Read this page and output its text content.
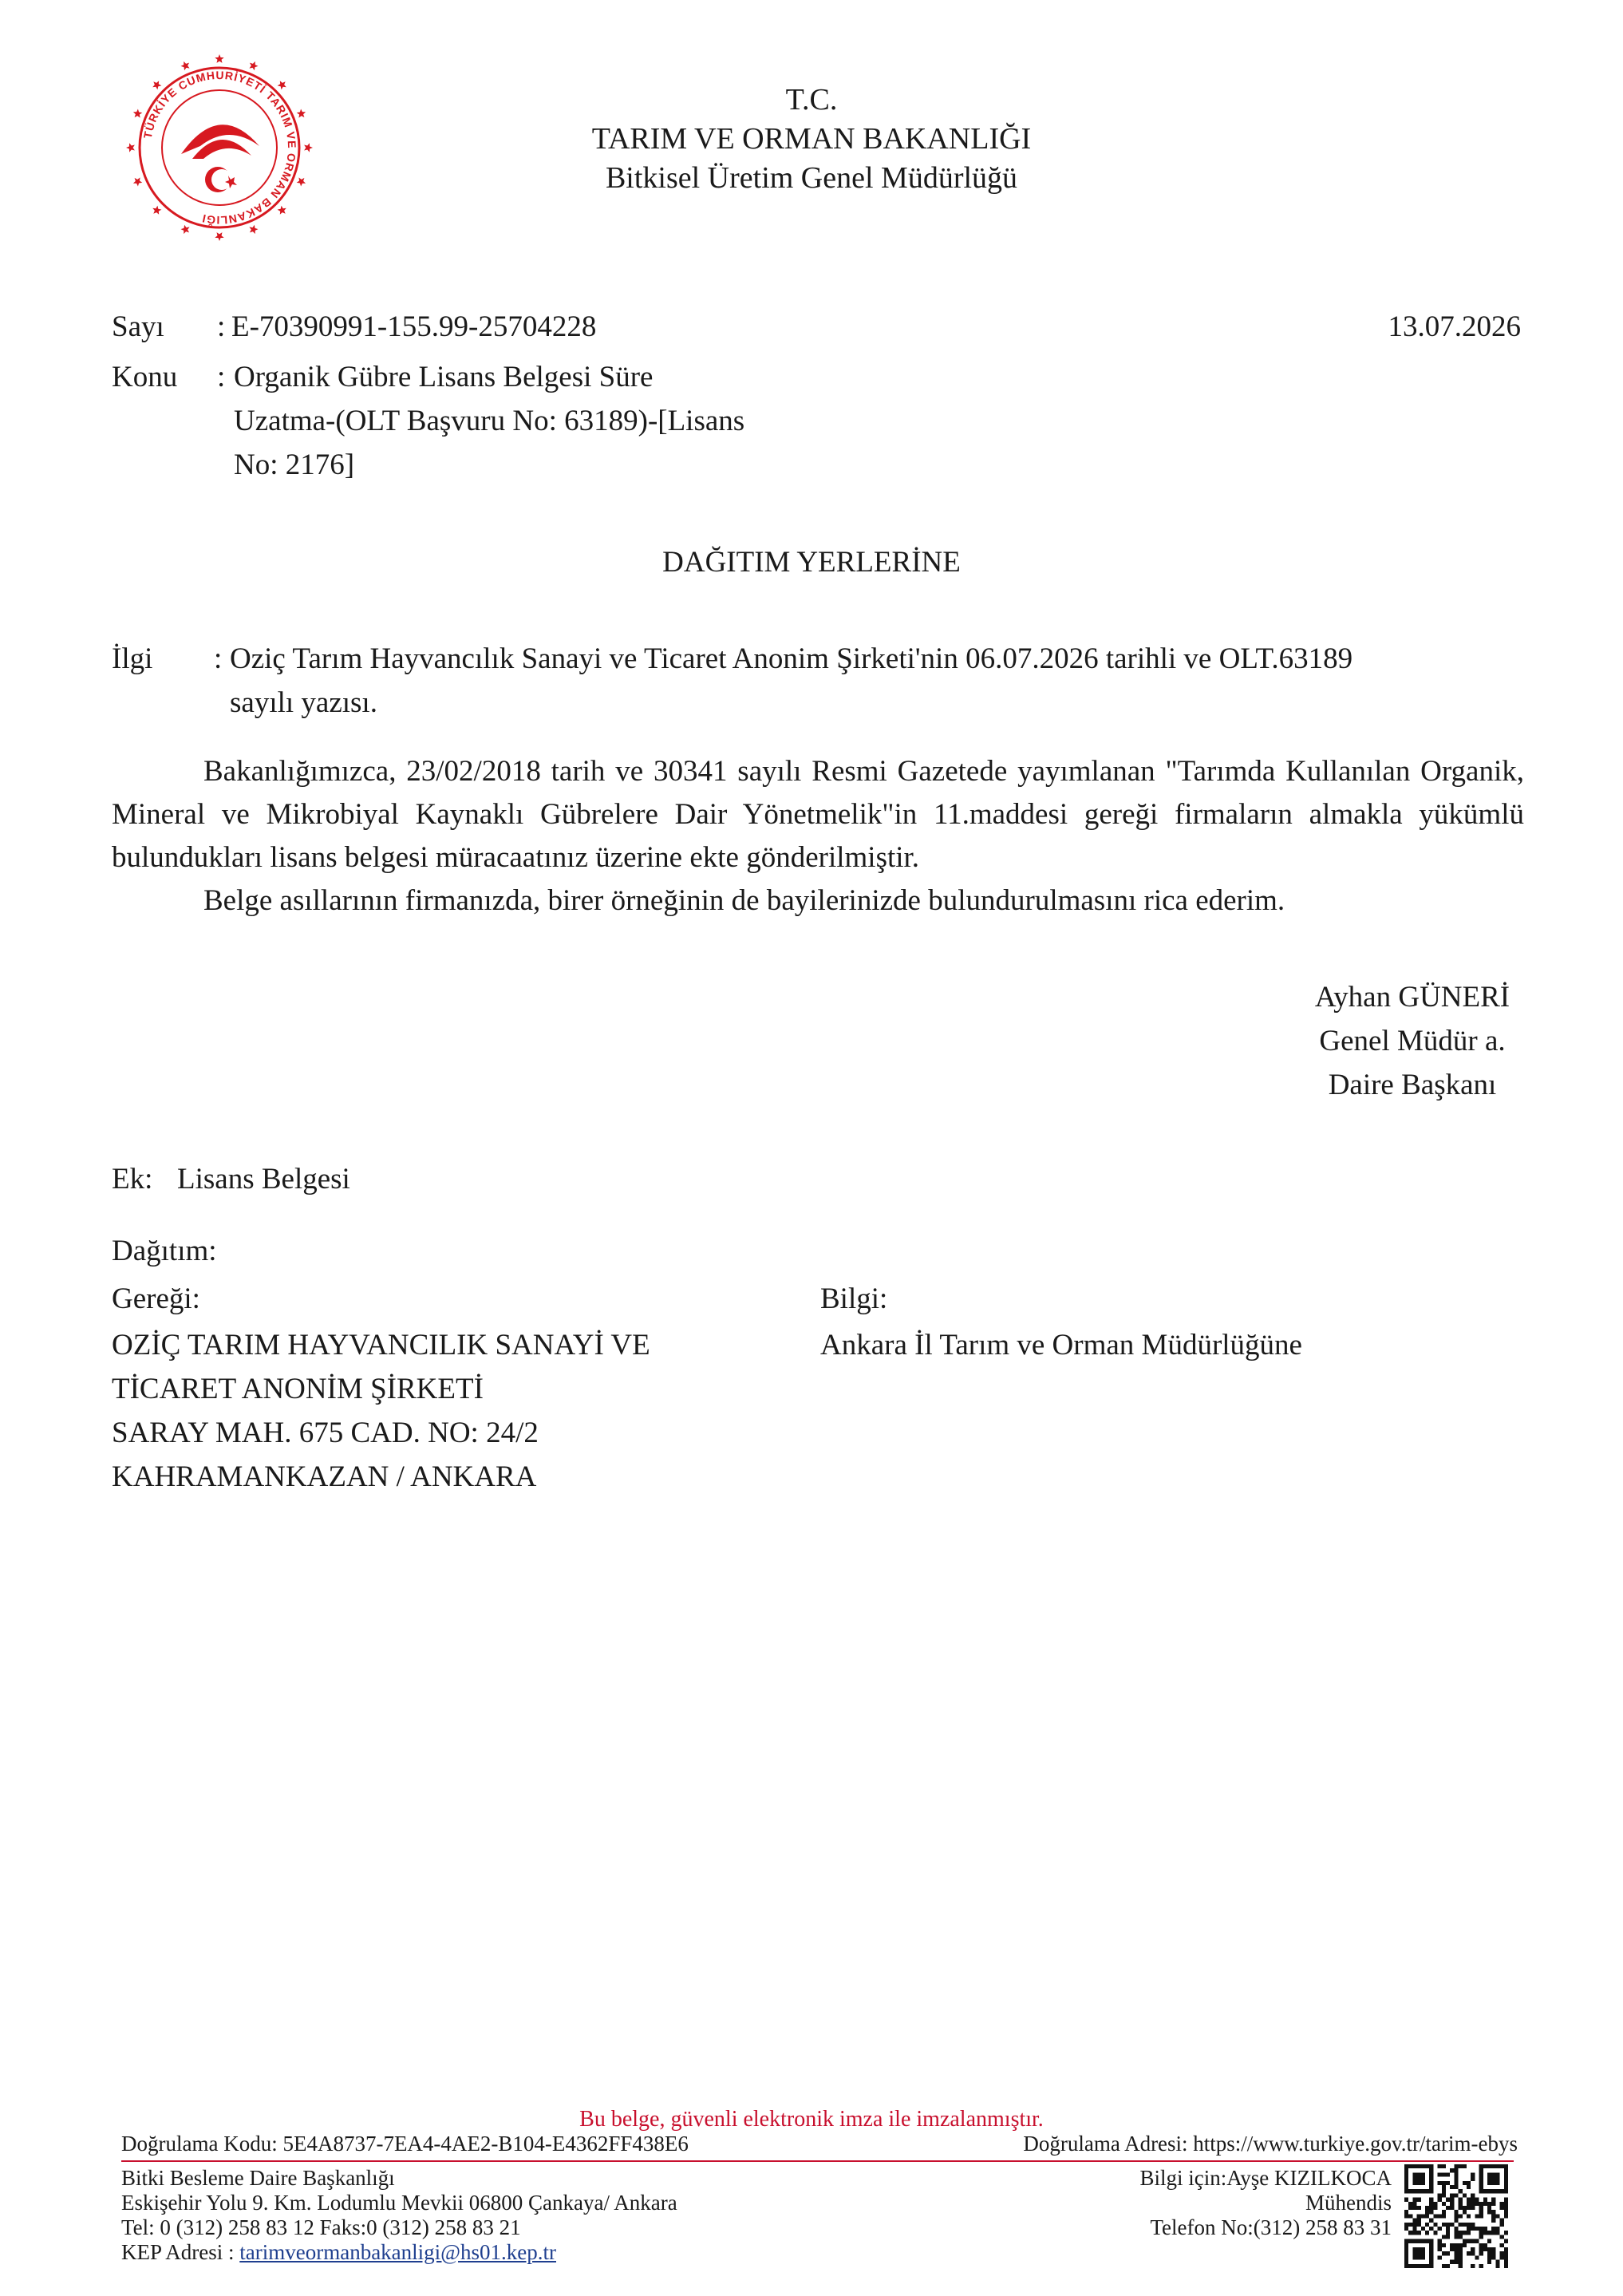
TÜRKİYE CUMHURİYETİ TARIM VE ORMAN BAKANLIĞI
T.C.
TARIM VE ORMAN BAKANLIĞI
Bitkisel Üretim Genel Müdürlüğü
Sayı : E-70390991-155.99-25704228	13.07.2026
Konu : Organik Gübre Lisans Belgesi Süre
Uzatma-(OLT Başvuru No: 63189)-[Lisans
No: 2176]
DAĞITIM YERLERİNE
İlgi : Oziç Tarım Hayvancılık Sanayi ve Ticaret Anonim Şirketi'nin 06.07.2026 tarihli ve OLT.63189
sayılı yazısı.

Bakanlığımızca, 23/02/2018 tarih ve 30341 sayılı Resmi Gazetede yayımlanan "Tarımda Kullanılan Organik, Mineral ve Mikrobiyal Kaynaklı Gübrelere Dair Yönetmelik"in 11.maddesi gereği firmaların almakla yükümlü bulundukları lisans belgesi müracaatınız üzerine ekte gönderilmiştir.

Belge asıllarının firmanızda, birer örneğinin de bayilerinizde bulundurulmasını rica ederim.

Ayhan GÜNERİ
Genel Müdür a.
Daire Başkanı
Ek: Lisans Belgesi
Dağıtım:
Gereği:
OZİÇ TARIM HAYVANCILIK SANAYİ VE
TİCARET ANONİM ŞİRKETİ
SARAY MAH. 675 CAD. NO: 24/2
KAHRAMANKAZAN / ANKARA
Bilgi:
Ankara İl Tarım ve Orman Müdürlüğüne
Bu belge, güvenli elektronik imza ile imzalanmıştır.
Doğrulama Kodu: 5E4A8737-7EA4-4AE2-B104-E4362FF438E6	Doğrulama Adresi: https://www.turkiye.gov.tr/tarim-ebys
Bitki Besleme Daire Başkanlığı
Eskişehir Yolu 9. Km. Lodumlu Mevkii 06800 Çankaya/ Ankara
Tel: 0 (312) 258 83 12 Faks:0 (312) 258 83 21
KEP Adresi : tarimveormanbakanligi@hs01.kep.tr
Bilgi için:Ayşe KIZILKOCA
Mühendis
Telefon No:(312) 258 83 31
